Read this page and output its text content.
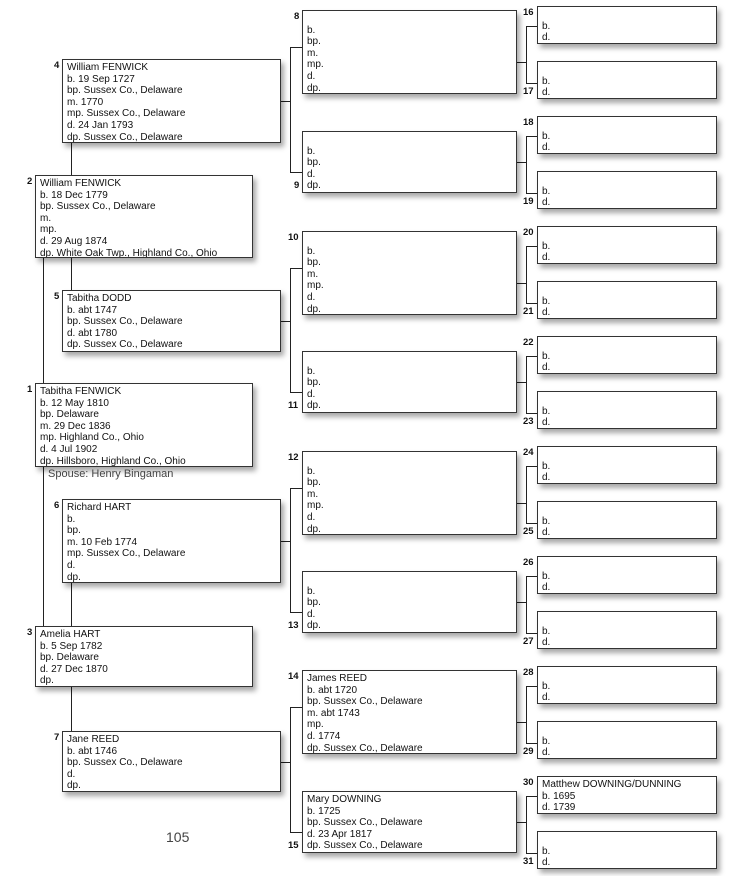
Tabitha FENWICK
b. 12 May 1810
bp. Delaware
m. 29 Dec 1836
mp. Highland Co., Ohio
d. 4 Jul 1902
dp. Hillsboro, Highland Co., Ohio
1
William FENWICK
b. 18 Dec 1779
bp. Sussex Co., Delaware
m.
mp.
d. 29 Aug 1874
dp. White Oak Twp., Highland Co., Ohio
2
Amelia HART
b. 5 Sep 1782
bp. Delaware
d. 27 Dec 1870
dp.
3
William FENWICK
b. 19 Sep 1727
bp. Sussex Co., Delaware
m. 1770
mp. Sussex Co., Delaware
d. 24 Jan 1793
dp. Sussex Co., Delaware
4
Tabitha DODD
b. abt 1747
bp. Sussex Co., Delaware
d. abt 1780
dp. Sussex Co., Delaware
5
Richard HART
b.
bp.
m. 10 Feb 1774
mp. Sussex Co., Delaware
d.
dp.
6
Jane REED
b. abt 1746
bp. Sussex Co., Delaware
d.
dp.
7

b.
bp.
m.
mp.
d.
dp.
8

b.
bp.
d.
dp.
9

b.
bp.
m.
mp.
d.
dp.
10

b.
bp.
d.
dp.
11

b.
bp.
m.
mp.
d.
dp.
12

b.
bp.
d.
dp.
13
James REED
b. abt 1720
bp. Sussex Co., Delaware
m. abt 1743
mp.
d. 1774
dp. Sussex Co., Delaware
14
Mary DOWNING
b. 1725
bp. Sussex Co., Delaware
d. 23 Apr 1817
dp. Sussex Co., Delaware
15

b.
d.
16

b.
d.
17

b.
d.
18

b.
d.
19

b.
d.
20

b.
d.
21

b.
d.
22

b.
d.
23

b.
d.
24

b.
d.
25

b.
d.
26

b.
d.
27

b.
d.
28

b.
d.
29
Matthew DOWNING/DUNNING
b. 1695
d. 1739
30

b.
d.
31
Spouse: Henry Bingaman
105
